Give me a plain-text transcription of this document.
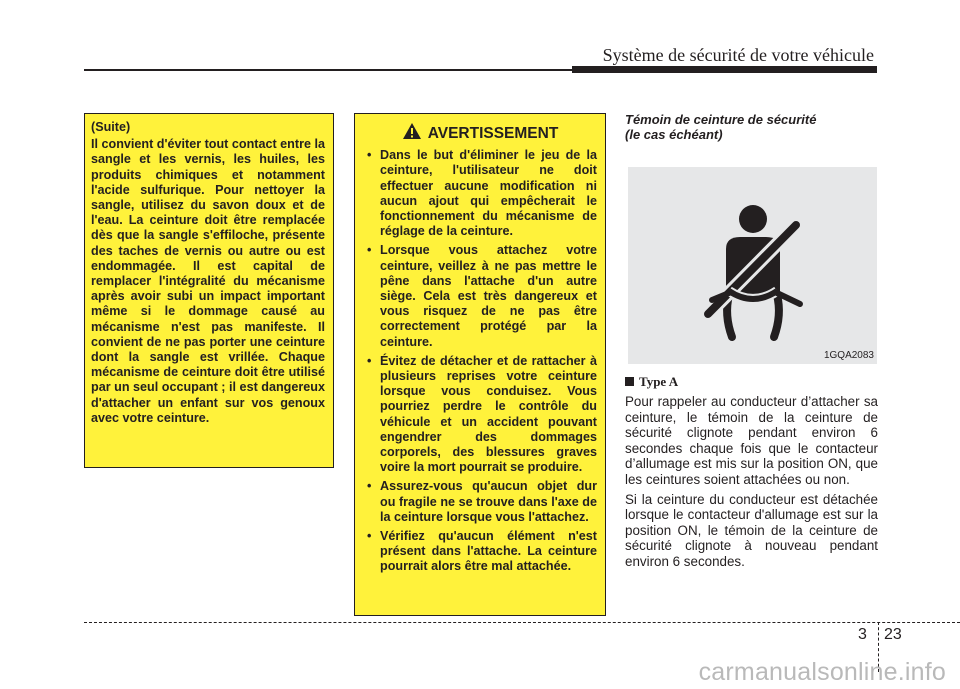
Système de sécurité de votre véhicule
(Suite)

Il convient d'éviter tout contact entre la sangle et les vernis, les huiles, les produits chimiques et notamment l'acide sulfurique. Pour nettoyer la sangle, utilisez du savon doux et de l'eau. La ceinture doit être remplacée dès que la sangle s'effiloche, présente des taches de vernis ou autre ou est endommagée. Il est capital de remplacer l'intégralité du mécanisme après avoir subi un impact important même si le dommage causé au mécanisme n'est pas manifeste. Il convient de ne pas porter une ceinture dont la sangle est vrillée. Chaque mécanisme de ceinture doit être utilisé par un seul occupant ; il est dangereux d'attacher un enfant sur vos genoux avec votre ceinture.

AVERTISSEMENT
• Dans le but d'éliminer le jeu de la ceinture, l'utilisateur ne doit effectuer aucune modification ni aucun ajout qui empêcherait le fonctionnement du mécanisme de réglage de la ceinture.
• Lorsque vous attachez votre ceinture, veillez à ne pas mettre le pêne dans l'attache d'un autre siège. Cela est très dangereux et vous risquez de ne pas être correctement protégé par la ceinture.
• Évitez de détacher et de rattacher à plusieurs reprises votre ceinture lorsque vous conduisez. Vous pourriez perdre le contrôle du véhicule et un accident pouvant engendrer des dommages corporels, des blessures graves voire la mort pourrait se produire.
• Assurez-vous qu'aucun objet dur ou fragile ne se trouve dans l'axe de la ceinture lorsque vous l'attachez.
• Vérifiez qu'aucun élément n'est présent dans l'attache. La ceinture pourrait alors être mal attachée.
Témoin de ceinture de sécurité
(le cas échéant)
1GQA2083
Type A

Pour rappeler au conducteur d’attacher sa ceinture, le témoin de la ceinture de sécurité clignote pendant environ 6 secondes chaque fois que le contacteur d’allumage est mis sur la position ON, que les ceintures soient attachées ou non.

Si la ceinture du conducteur est détachée lorsque le contacteur d'allumage est sur la position ON, le témoin de la ceinture de sécurité clignote à nouveau pendant environ 6 secondes.

3 23
carmanualsonline.info
